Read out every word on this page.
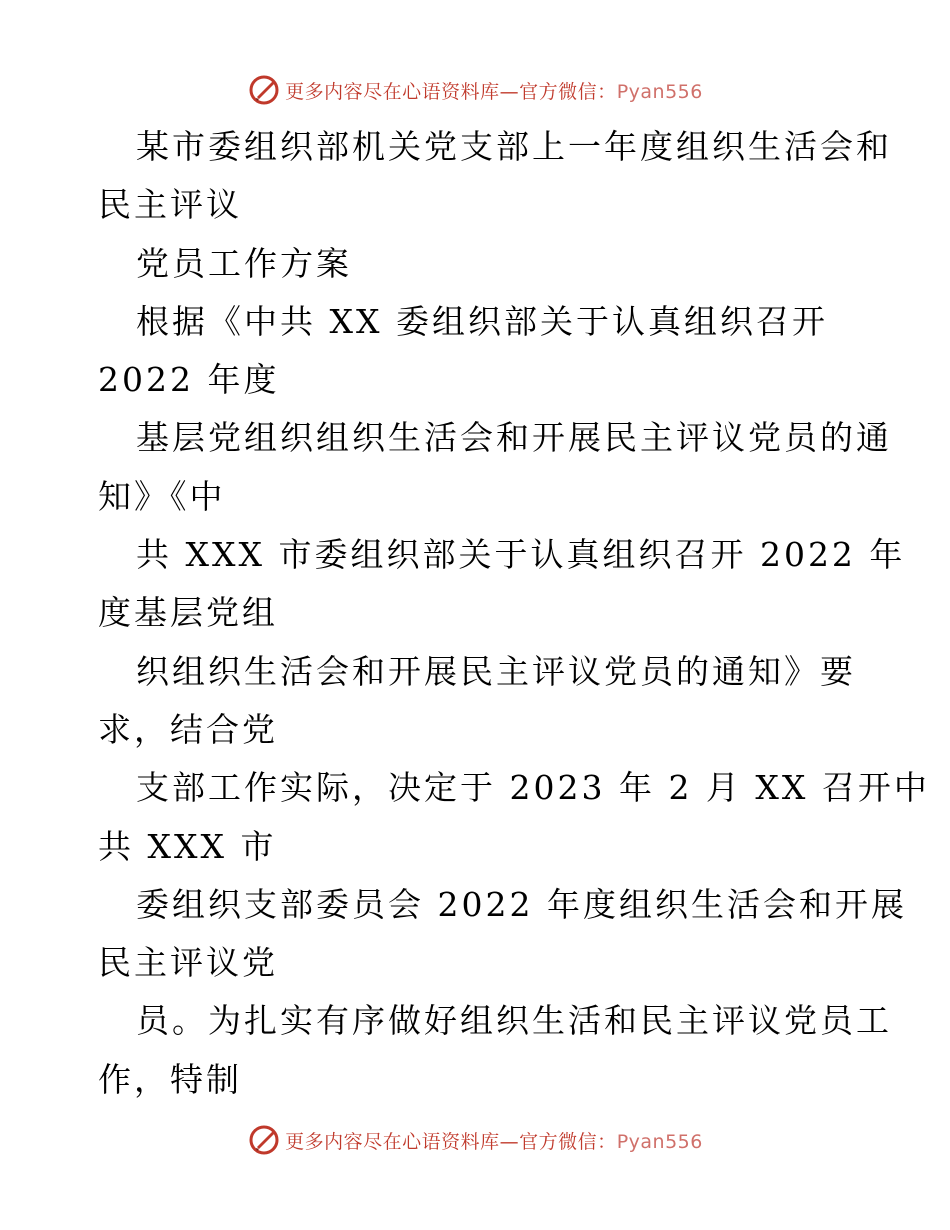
更多内容尽在心语资料库—官方微信：Pyan556
某市委组织部机关党支部上一年度组织生活会和
民主评议
党员工作方案
根据《中共 XX 委组织部关于认真组织召开
2022 年度
基层党组织组织生活会和开展民主评议党员的通
知》《中
共 XXX 市委组织部关于认真组织召开 2022 年
度基层党组
织组织生活会和开展民主评议党员的通知》要
求，结合党
支部工作实际，决定于 2023 年 2 月 XX 召开中
共 XXX 市
委组织支部委员会 2022 年度组织生活会和开展
民主评议党
员。为扎实有序做好组织生活和民主评议党员工
作，特制
更多内容尽在心语资料库—官方微信：Pyan556
